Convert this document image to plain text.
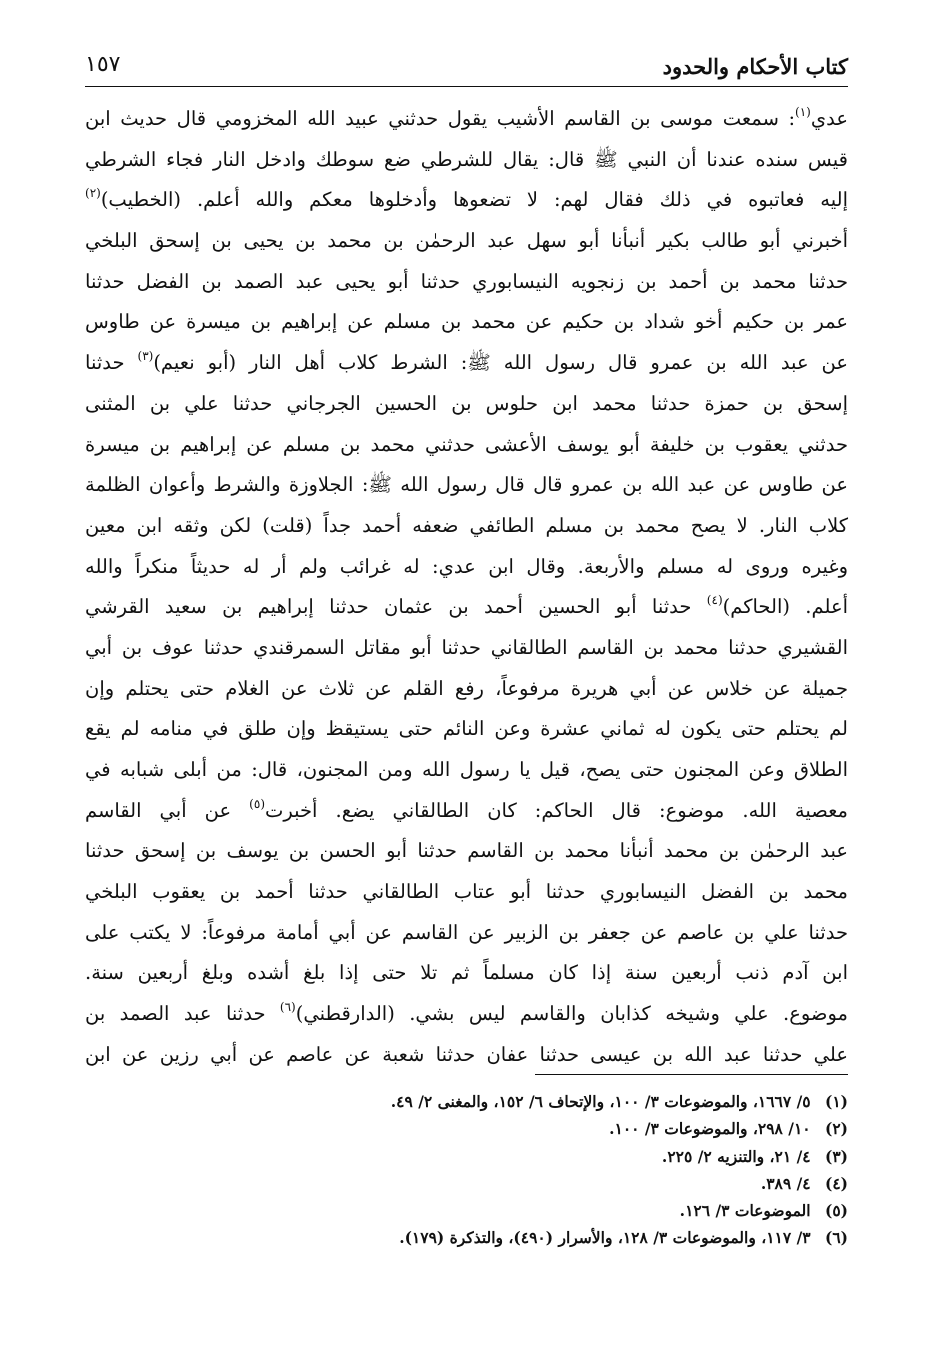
كتاب الأحكام والحدود
١٥٧
عدي$^{(١)}$: سمعت موسى بن القاسم الأشيب يقول حدثني عبيد الله المخزومي قال حديث ابن
قيس سنده عندنا أن النبي ﷺ قال: يقال للشرطي ضع سوطك وادخل النار فجاء الشرطي
إليه فعاتبوه في ذلك فقال لهم: لا تضعوها وأدخلوها معكم والله أعلم. (الخطيب)$^{(٢)}$
أخبرني أبو طالب بكير أنبأنا أبو سهل عبد الرحمٰن بن محمد بن يحيى بن إسحق البلخي
حدثنا محمد بن أحمد بن زنجويه النيسابوري حدثنا أبو يحيى عبد الصمد بن الفضل حدثنا
عمر بن حكيم أخو شداد بن حكيم عن محمد بن مسلم عن إبراهيم بن ميسرة عن طاوس
عن عبد الله بن عمرو قال رسول الله ﷺ: الشرط كلاب أهل النار (أبو نعيم)$^{(٣)}$ حدثنا
إسحق بن حمزة حدثنا محمد ابن حلوس بن الحسين الجرجاني حدثنا علي بن المثنى
حدثني يعقوب بن خليفة أبو يوسف الأعشى حدثني محمد بن مسلم عن إبراهيم بن ميسرة
عن طاوس عن عبد الله بن عمرو قال قال رسول الله ﷺ: الجلاوزة والشرط وأعوان الظلمة
كلاب النار. لا يصح محمد بن مسلم الطائفي ضعفه أحمد جداً (قلت) لكن وثقه ابن معين
وغيره وروى له مسلم والأربعة. وقال ابن عدي: له غرائب ولم أر له حديثاً منكراً والله
أعلم. (الحاكم)$^{(٤)}$ حدثنا أبو الحسين أحمد بن عثمان حدثنا إبراهيم بن سعيد القرشي
القشيري حدثنا محمد بن القاسم الطالقاني حدثنا أبو مقاتل السمرقندي حدثنا عوف بن أبي
جميلة عن خلاس عن أبي هريرة مرفوعاً، رفع القلم عن ثلاث عن الغلام حتى يحتلم وإن
لم يحتلم حتى يكون له ثماني عشرة وعن النائم حتى يستيقظ وإن طلق في منامه لم يقع
الطلاق وعن المجنون حتى يصح، قيل يا رسول الله ومن المجنون، قال: من أبلى شبابه في
معصية الله. موضوع: قال الحاكم: كان الطالقاني يضع. أخبرت$^{(٥)}$ عن أبي القاسم
عبد الرحمٰن بن محمد أنبأنا محمد بن القاسم حدثنا أبو الحسن بن يوسف بن إسحق حدثنا
محمد بن الفضل النيسابوري حدثنا أبو عتاب الطالقاني حدثنا أحمد بن يعقوب البلخي
حدثنا علي بن عاصم عن جعفر بن الزبير عن القاسم عن أبي أمامة مرفوعاً: لا يكتب على
ابن آدم ذنب أربعين سنة إذا كان مسلماً ثم تلا حتى إذا بلغ أشده وبلغ أربعين سنة.
موضوع. علي وشيخه كذابان والقاسم ليس بشي. (الدارقطني)$^{(٦)}$ حدثنا عبد الصمد بن
علي حدثنا عبد الله بن عيسى حدثنا عفان حدثنا شعبة عن عاصم عن أبي رزين عن ابن
(١) ٥/ ١٦٦٧، والموضوعات ٣/ ١٠٠، والإتحاف ٦/ ١٥٢، والمغنى ٢/ ٤٩.
(٢) ١٠/ ٢٩٨، والموضوعات ٣/ ١٠٠.
(٣) ٤/ ٢١، والتنزيه ٢/ ٢٢٥.
(٤) ٤/ ٣٨٩.
(٥) الموضوعات ٣/ ١٢٦.
(٦) ٣/ ١١٧، والموضوعات ٣/ ١٢٨، والأسرار (٤٩٠)، والتذكرة (١٧٩).
